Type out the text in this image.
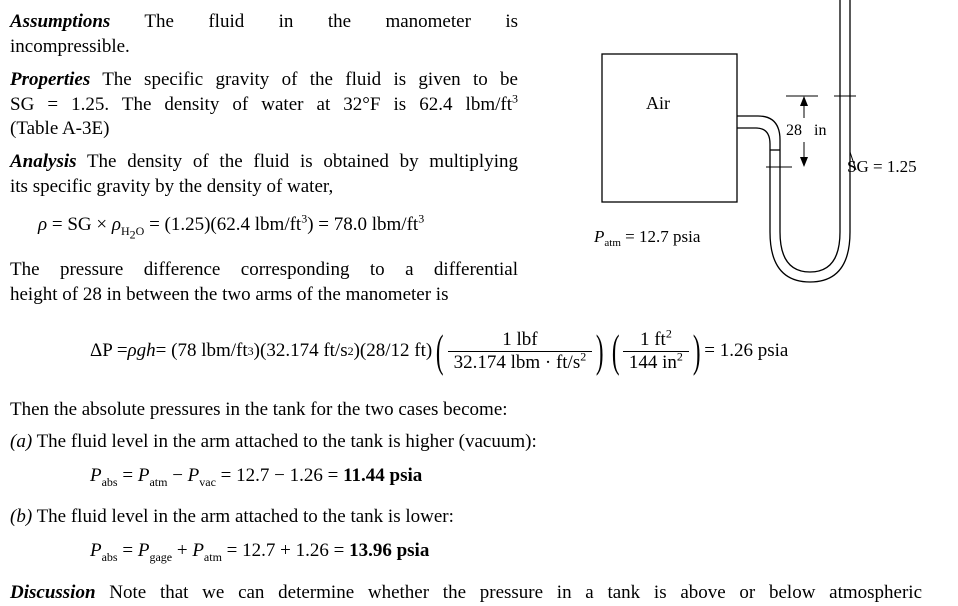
Assumptions The fluid in the manometer is
incompressible.
Properties The specific gravity of the fluid is given to be
SG = 1.25. The density of water at 32°F is 62.4 lbm/$ft^3$
(Table A-3E)
Analysis The density of the fluid is obtained by multiplying
its specific gravity by the density of water,
ρ = SG × $\rho_{H_2O} = (1.25)(62.4$ lbm/$ft^3) = 78.0$ lbm/$ft^3$
The pressure difference corresponding to a differential
height of 28 in between the two arms of the manometer is
ΔP = ρ gh = (78 lbm/ft 3 )(32.174 ft/s 2 )(28/12 ft) ( $\frac{\text{1 lbf}}{32.174 lbm \cdot ft/s^2}$ ) ( $\frac{1 ft^2}{144 in^2}$ ) = 1.26 psia
Then the absolute pressures in the tank for the two cases become:
(a) The fluid level in the arm attached to the tank is higher (vacuum):
$P_{abs} = P_{atm} - P_{vac} = 12.7 - 1.26 = 11.44$ psia
(b) The fluid level in the arm attached to the tank is lower:
$P_{abs} = P_{gage} + P_{atm} = 12.7 + 1.26 = 13.96$ psia
Discussion Note that we can determine whether the pressure in a tank is above or below atmospheric
Air
28 in
SG = 1.25
$P_{atm} = 12.7$ psia
